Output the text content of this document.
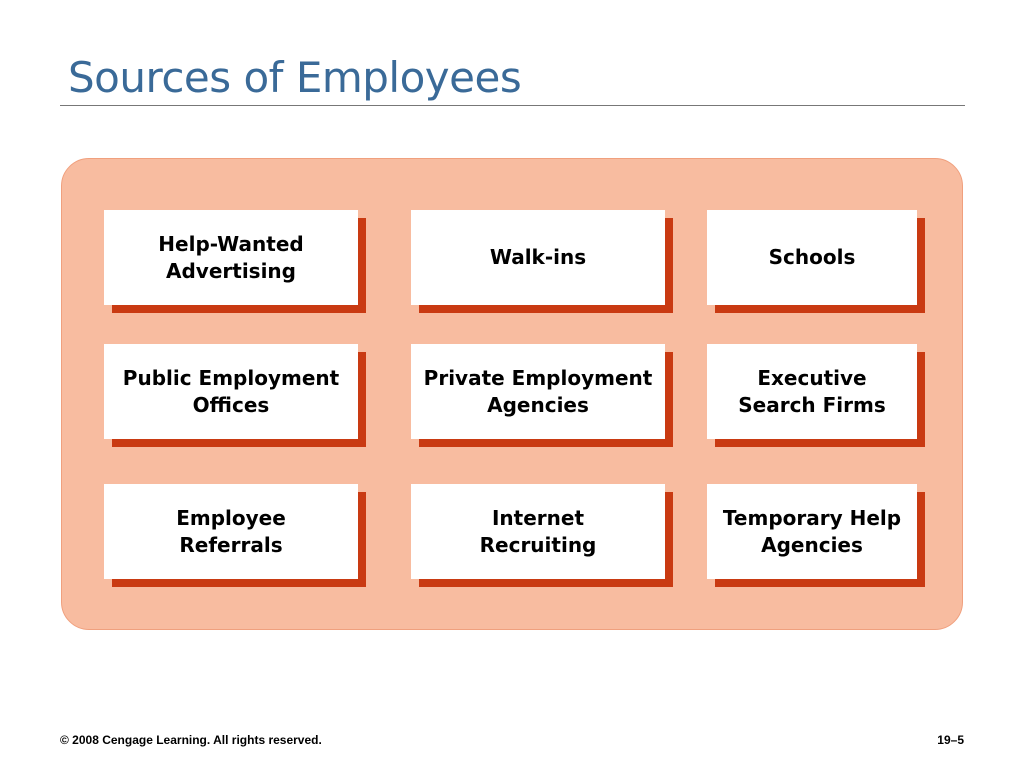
Sources of Employees
Help-Wanted
Advertising
Walk-ins	Schools
Public Employment
Offices
Private Employment
Agencies
Executive
Search Firms
Employee
Referrals
Internet
Recruiting
Temporary Help
Agencies
© 2008 Cengage Learning. All rights reserved.	19–5
